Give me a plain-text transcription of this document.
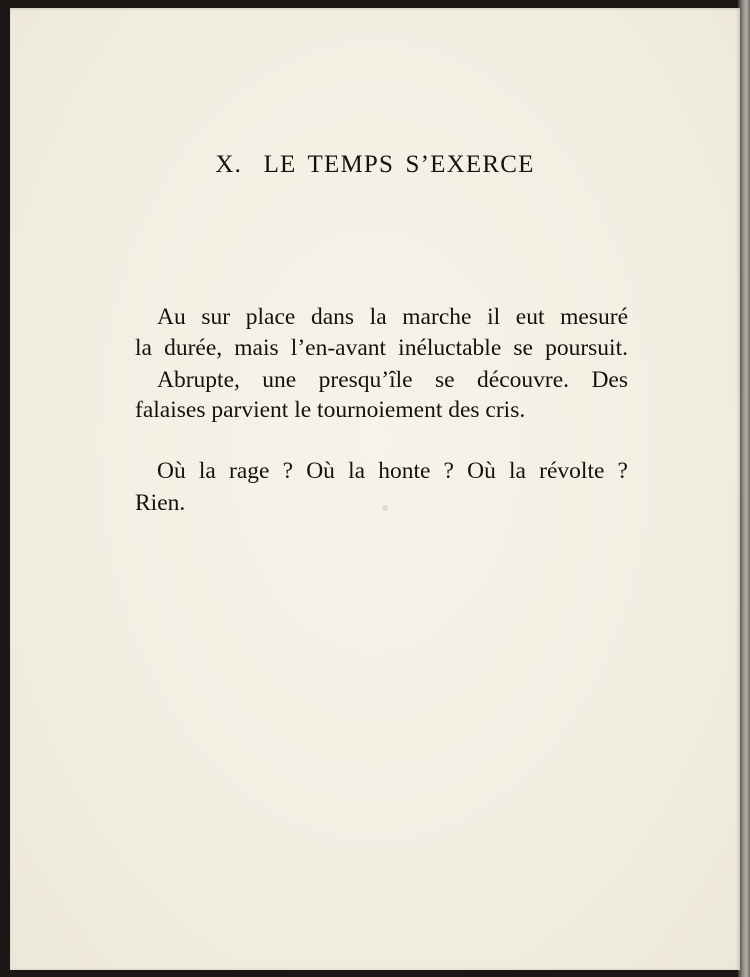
X. LE TEMPS S’EXERCE

Au sur place dans la marche il eut mesuré

la durée, mais l’en-avant inéluctable se poursuit.

Abrupte, une presqu’île se découvre. Des

falaises parvient le tournoiement des cris.

Où la rage ? Où la honte ? Où la révolte ?

Rien.
